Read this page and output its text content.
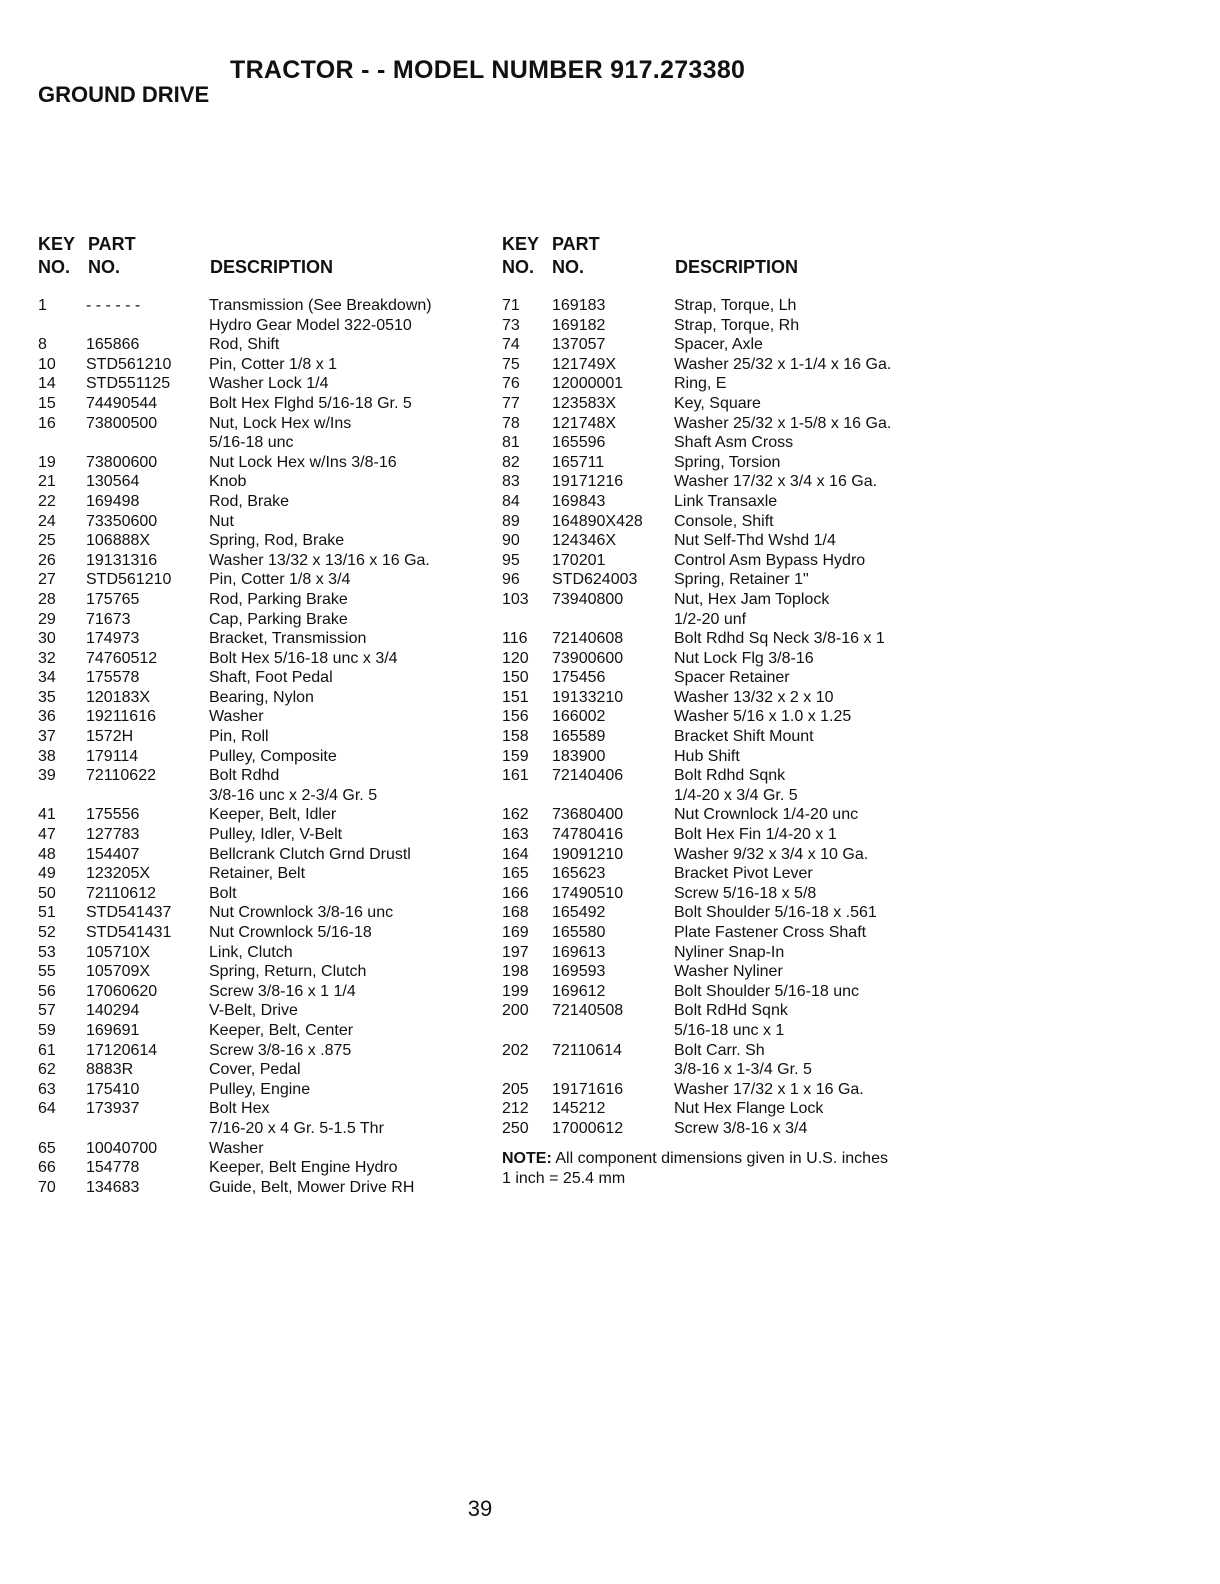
TRACTOR - - MODEL NUMBER 917.273380
GROUND DRIVE
KEY
NO.
PART
NO.	DESCRIPTION
1 - - - - - -	Transmission (See Breakdown)
Hydro Gear Model 322-0510
8 165866	Rod, Shift
10 STD561210 Pin, Cotter 1/8 x 1
14 STD551125 Washer Lock 1/4
15 74490544	Bolt Hex Flghd 5/16-18 Gr. 5
16 73800500	Nut, Lock Hex w/Ins
5/16-18 unc
19 73800600	Nut Lock Hex w/Ins 3/8-16
21 130564	Knob
22 169498	Rod, Brake
24 73350600	Nut
25 106888X	Spring, Rod, Brake
26 19131316	Washer 13/32 x 13/16 x 16 Ga.
27 STD561210 Pin, Cotter 1/8 x 3/4
28 175765	Rod, Parking Brake
29 71673	Cap, Parking Brake
30 174973	Bracket, Transmission
32 74760512	Bolt Hex 5/16-18 unc x 3/4
34 175578	Shaft, Foot Pedal
35 120183X	Bearing, Nylon
36 19211616	Washer
37 1572H	Pin, Roll
38 179114	Pulley, Composite
39 72110622	Bolt Rdhd
3/8-16 unc x 2-3/4 Gr. 5
41 175556	Keeper, Belt, Idler
47 127783	Pulley, Idler, V-Belt
48 154407	Bellcrank Clutch Grnd Drustl
49 123205X	Retainer, Belt
50 72110612	Bolt
51 STD541437 Nut Crownlock 3/8-16 unc
52 STD541431 Nut Crownlock 5/16-18
53 105710X	Link, Clutch
55 105709X	Spring, Return, Clutch
56 17060620	Screw 3/8-16 x 1 1/4
57 140294	V-Belt, Drive
59 169691	Keeper, Belt, Center
61 17120614	Screw 3/8-16 x .875
62 8883R	Cover, Pedal
63 175410	Pulley, Engine
64 173937	Bolt Hex
7/16-20 x 4 Gr. 5-1.5 Thr
65 10040700	Washer
66 154778	Keeper, Belt Engine Hydro
70 134683	Guide, Belt, Mower Drive RH
KEY
NO.
PART
NO.	DESCRIPTION
71 169183	Strap, Torque, Lh
73 169182	Strap, Torque, Rh
74 137057	Spacer, Axle
75 121749X	Washer 25/32 x 1-1/4 x 16 Ga.
76 12000001	Ring, E
77 123583X	Key, Square
78 121748X	Washer 25/32 x 1-5/8 x 16 Ga.
81 165596	Shaft Asm Cross
82 165711	Spring, Torsion
83 19171216	Washer 17/32 x 3/4 x 16 Ga.
84 169843	Link Transaxle
89 164890X428 Console, Shift
90 124346X	Nut Self-Thd Wshd 1/4
95 170201	Control Asm Bypass Hydro
96 STD624003 Spring, Retainer 1"
103 73940800	Nut, Hex Jam Toplock
1/2-20 unf
116 72140608	Bolt Rdhd Sq Neck 3/8-16 x 1
120 73900600	Nut Lock Flg 3/8-16
150 175456	Spacer Retainer
151 19133210	Washer 13/32 x 2 x 10
156 166002	Washer 5/16 x 1.0 x 1.25
158 165589	Bracket Shift Mount
159 183900	Hub Shift
161 72140406	Bolt Rdhd Sqnk
1/4-20 x 3/4 Gr. 5
162 73680400	Nut Crownlock 1/4-20 unc
163 74780416	Bolt Hex Fin 1/4-20 x 1
164 19091210	Washer 9/32 x 3/4 x 10 Ga.
165 165623	Bracket Pivot Lever
166 17490510	Screw 5/16-18 x 5/8
168 165492	Bolt Shoulder 5/16-18 x .561
169 165580	Plate Fastener Cross Shaft
197 169613	Nyliner Snap-In
198 169593	Washer Nyliner
199 169612	Bolt Shoulder 5/16-18 unc
200 72140508	Bolt RdHd Sqnk
5/16-18 unc x 1
202 72110614	Bolt Carr. Sh
3/8-16 x 1-3/4 Gr. 5
205 19171616	Washer 17/32 x 1 x 16 Ga.
212 145212	Nut Hex Flange Lock
250 17000612	Screw 3/8-16 x 3/4
NOTE: All component dimensions given in U.S. inches
1 inch = 25.4 mm
39
